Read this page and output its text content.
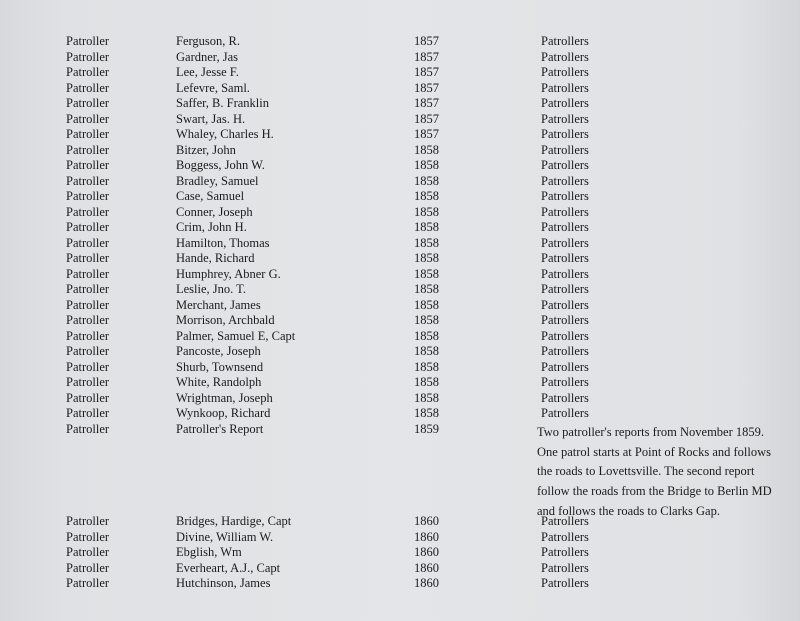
Patroller	Ferguson, R.	1857	Patrollers
Patroller	Gardner, Jas	1857	Patrollers
Patroller	Lee, Jesse F.	1857	Patrollers
Patroller	Lefevre, Saml.	1857	Patrollers
Patroller	Saffer, B. Franklin	1857	Patrollers
Patroller	Swart, Jas. H.	1857	Patrollers
Patroller	Whaley, Charles H.	1857	Patrollers
Patroller	Bitzer, John	1858	Patrollers
Patroller	Boggess, John W.	1858	Patrollers
Patroller	Bradley, Samuel	1858	Patrollers
Patroller	Case, Samuel	1858	Patrollers
Patroller	Conner, Joseph	1858	Patrollers
Patroller	Crim, John H.	1858	Patrollers
Patroller	Hamilton, Thomas	1858	Patrollers
Patroller	Hande, Richard	1858	Patrollers
Patroller	Humphrey, Abner G.	1858	Patrollers
Patroller	Leslie, Jno. T.	1858	Patrollers
Patroller	Merchant, James	1858	Patrollers
Patroller	Morrison, Archbald	1858	Patrollers
Patroller	Palmer, Samuel E, Capt	1858	Patrollers
Patroller	Pancoste, Joseph	1858	Patrollers
Patroller	Shurb, Townsend	1858	Patrollers
Patroller	White, Randolph	1858	Patrollers
Patroller	Wrightman, Joseph	1858	Patrollers
Patroller	Wynkoop, Richard	1858	Patrollers
Patroller	Patroller's Report	1859	Two patroller's reports from November 1859.
One patrol starts at Point of Rocks and follows
the roads to Lovettsville. The second report
follow the roads from the Bridge to Berlin MD
and follows the roads to Clarks Gap.
Patroller	Bridges, Hardige, Capt	1860	Patrollers
Patroller	Divine, William W.	1860	Patrollers
Patroller	Ebglish, Wm	1860	Patrollers
Patroller	Everheart, A.J., Capt	1860	Patrollers
Patroller	Hutchinson, James	1860	Patrollers
